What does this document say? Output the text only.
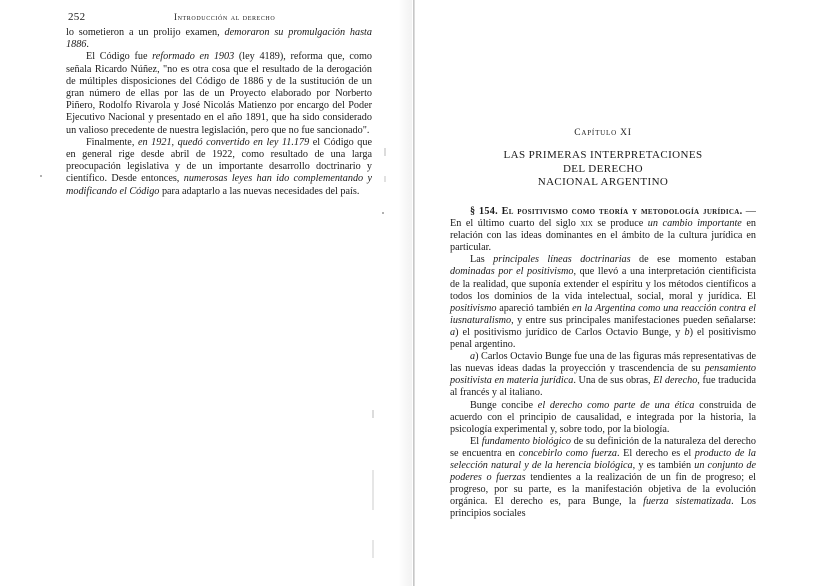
252	Introducción al derecho

lo sometieron a un prolijo examen, demoraron su promulgación hasta 1886.

El Código fue reformado en 1903 (ley 4189), reforma que, como señala Ricardo Núñez, "no es otra cosa que el resultado de la derogación de múltiples disposiciones del Código de 1886 y de la sustitución de un gran número de ellas por las de un Proyecto elaborado por Norberto Piñero, Rodolfo Rivarola y José Nicolás Matienzo por encargo del Poder Ejecutivo Nacional y presentado en el año 1891, que ha sido considerado un valioso precedente de nuestra legislación, pero que no fue sancionado".

Finalmente, en 1921, quedó convertido en ley 11.179 el Código que en general rige desde abril de 1922, como resultado de una larga preocupación legislativa y de un importante desarrollo doctrinario y científico. Desde entonces, numerosas leyes han ido complementando y modificando el Código para adaptarlo a las nuevas necesidades del país.

Capítulo XI
LAS PRIMERAS INTERPRETACIONES
DEL DERECHO
NACIONAL ARGENTINO

§ 154. El positivismo como teoría y metodología jurídica. — En el último cuarto del siglo xix se produce un cambio importante en relación con las ideas dominantes en el ámbito de la cultura jurídica en particular.

Las principales líneas doctrinarias de ese momento estaban dominadas por el positivismo, que llevó a una interpretación cientificista de la realidad, que suponía extender el espíritu y los métodos científicos a todos los dominios de la vida intelectual, social, moral y jurídica. El positivismo apareció también en la Argentina como una reacción contra el iusnaturalismo, y entre sus principales manifestaciones pueden señalarse: a) el positivismo jurídico de Carlos Octavio Bunge, y b) el positivismo penal argentino.

a) Carlos Octavio Bunge fue una de las figuras más representativas de las nuevas ideas dadas la proyección y trascendencia de su pensamiento positivista en materia jurídica. Una de sus obras, El derecho, fue traducida al francés y al italiano.

Bunge concibe el derecho como parte de una ética construida de acuerdo con el principio de causalidad, e integrada por la historia, la psicología experimental y, sobre todo, por la biología.

El fundamento biológico de su definición de la naturaleza del derecho se encuentra en concebirlo como fuerza. El derecho es el producto de la selección natural y de la herencia biológica, y es también un conjunto de poderes o fuerzas tendientes a la realización de un fin de progreso; el progreso, por su parte, es la manifestación objetiva de la evolución orgánica. El derecho es, para Bunge, la fuerza sistematizada. Los principios sociales
